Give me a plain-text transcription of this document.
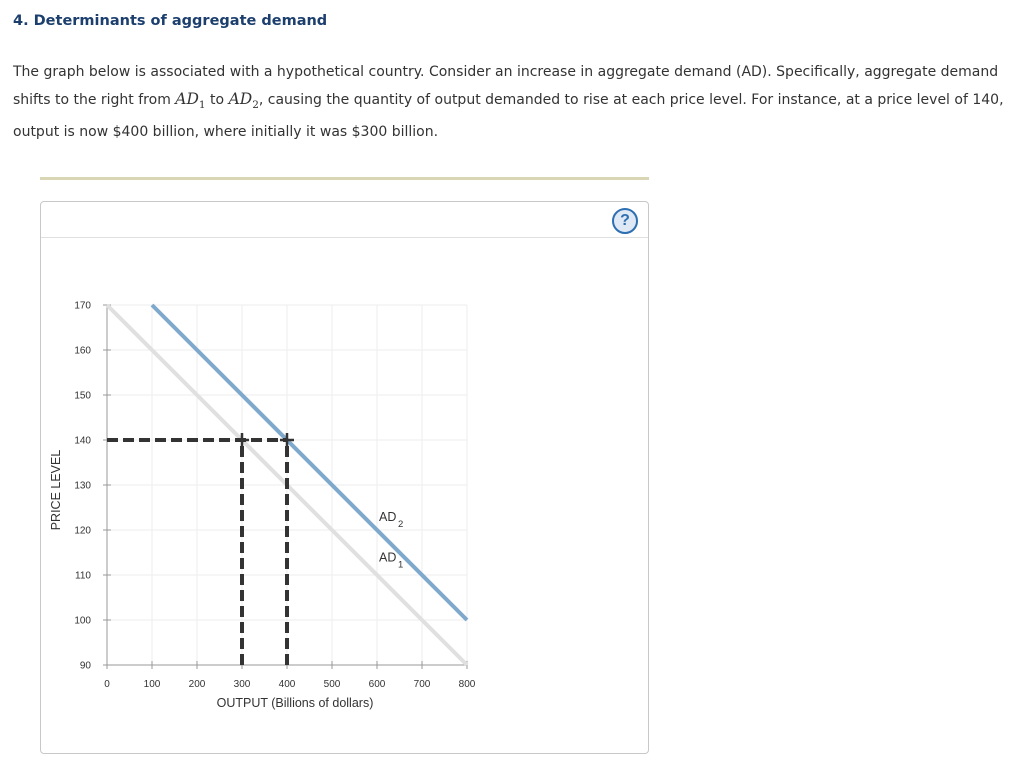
4. Determinants of aggregate demand
The graph below is associated with a hypothetical country. Consider an increase in aggregate demand (AD). Specifically, aggregate demand shifts to the right from $AD_1$ to $AD_2$, causing the quantity of output demanded to rise at each price level. For instance, at a price level of 140, output is now $400 billion, where initially it was $300 billion.
?
0	100	200	300	400	500	600	700	800
90
100
110
120
130
140
150
160
170
AD
1
AD
2
OUTPUT (Billions of dollars)
PRICE LEVEL
